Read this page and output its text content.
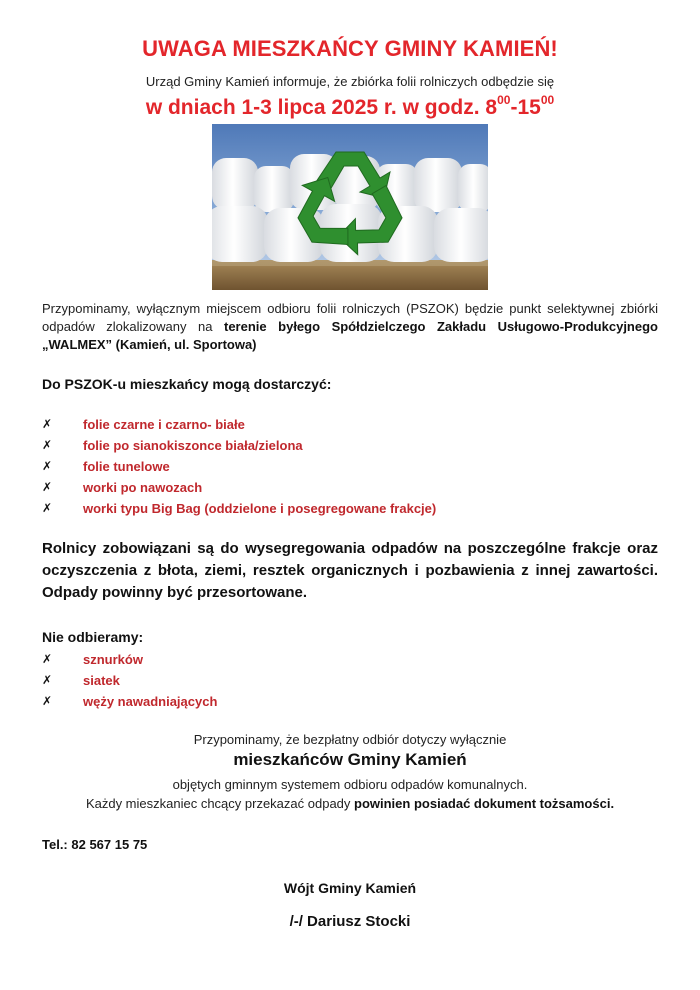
UWAGA MIESZKAŃCY GMINY KAMIEŃ!
Urząd Gminy Kamień informuje, że zbiórka folii rolniczych odbędzie się
w dniach 1-3 lipca 2025 r. w godz. $8^{00}-15^{00}$
Przypominamy, wyłącznym miejscem odbioru folii rolniczych (PSZOK) będzie punkt selektywnej zbiórki odpadów zlokalizowany na terenie byłego Spółdzielczego Zakładu Usługowo-Produkcyjnego „WALMEX” (Kamień, ul. Sportowa)
Do PSZOK-u mieszkańcy mogą dostarczyć:
✗	folie czarne i czarno- białe
✗	folie po sianokiszonce biała/zielona
✗	folie tunelowe
✗	worki po nawozach
✗	worki typu Big Bag (oddzielone i posegregowane frakcje)
Rolnicy zobowiązani są do wysegregowania odpadów na poszczególne frakcje oraz oczyszczenia z błota, ziemi, resztek organicznych i pozbawienia z innej zawartości. Odpady powinny być przesortowane.
Nie odbieramy:
✗	sznurków
✗	siatek
✗	węży nawadniających
Przypominamy, że bezpłatny odbiór dotyczy wyłącznie
mieszkańców Gminy Kamień
objętych gminnym systemem odbioru odpadów komunalnych.
Każdy mieszkaniec chcący przekazać odpady powinien posiadać dokument tożsamości.
Tel.: 82 567 15 75
Wójt Gminy Kamień
/-/ Dariusz Stocki
